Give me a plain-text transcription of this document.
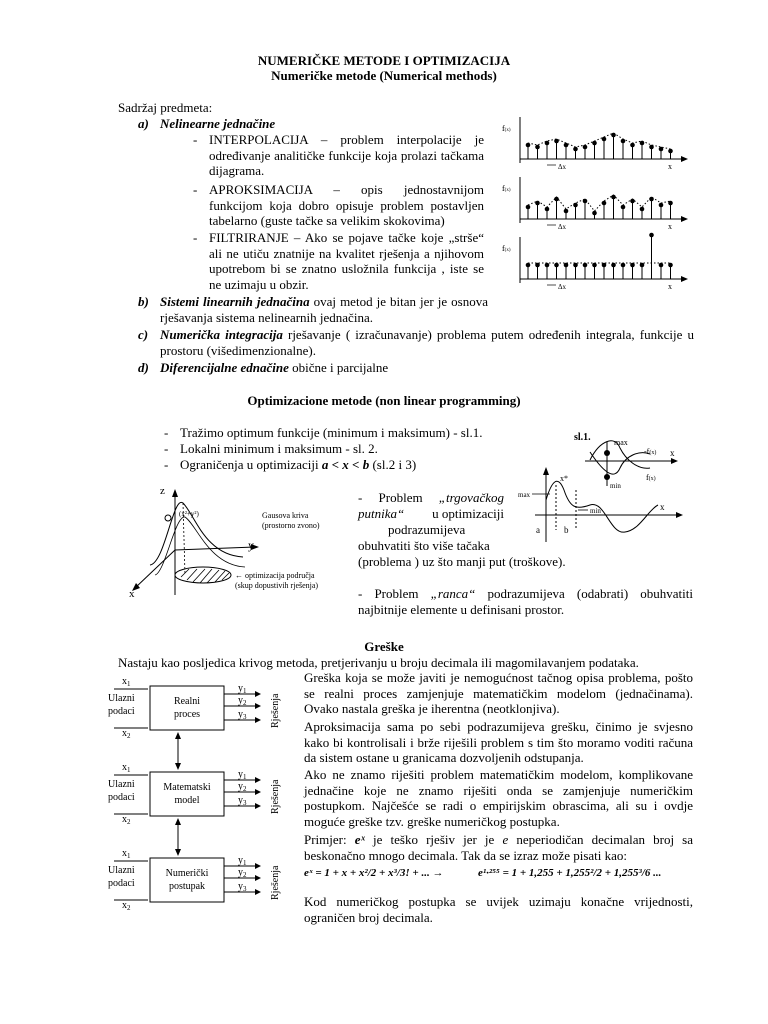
NUMERIČKE METODE I OPTIMIZACIJA
Numeričke metode (Numerical methods)
Sadržaj predmeta:
a) Nelinearne jednačine
- INTERPOLACIJA – problem interpolacije je određivanje analitičke funkcije koja prolazi tačkama dijagrama.
- APROKSIMACIJA – opis jednostavnijom funkcijom koja dobro opisuje problem postavljen tabelarno (guste tačke sa velikim skokovima)
- FILTRIRANJE – Ako se pojave tačke koje „strše“ ali ne utiču znatnije na kvalitet rješenja a njihovom upotrebom bi se znatno usložnila funkcija , iste se ne uzimaju u obzir.
b) Sistemi linearnih jednačina ovaj metod je bitan jer je osnova rješavanja sistema nelinearnih jednačina.
c) Numerička integracija rješavanje ( izračunavanje) problema putem određenih integrala, funkcije u prostoru (višedimenzionalne).
d) Diferencijalne ednačine obične i parcijalne
f(x)
x
Δx
f(x)
x
Δx
f(x)
x
Δx
Optimizacione metode (non linear programming)
- Tražimo optimum funkcije (minimum i maksimum) - sl.1.
- Lokalni minimum i maksimum - sl. 2.
- Ograničenja u optimizaciji a < x < b (sl.2 i 3)
z
y
x
(x²+y²)	Gausova kriva
(prostorno zvono)
← optimizacija područja
(skup dopustivih rješenja)
- Problem „trgovačkog putnika“	u optimizaciji
podrazumijeva
obuhvatiti što više tačaka
(problema ) uz što manji put (troškove).
- Problem „ranca“ podrazumijeva (odabrati) obuhvatiti najbitnije elemente u definisani prostor.
sl.1.	max
x
-f(x)
f(x)
min
x
max
x*
min
a	b
Greške
Nastaju kao posljedica krivog metoda, pretjerivanju u broju decimala ili magomilavanjem podataka.
Greška koja se može javiti je nemogućnost tačnog opisa problema, pošto se realni proces zamjenjuje matematičkim modelom (jednačinama). Ovako nastala greška je iherentna (neotklonjiva).
Aproksimacija sama po sebi podrazumijeva grešku, činimo je svjesno kako bi kontrolisali i brže riješili problem s tim što moramo voditi računa da sistem ostane u granicama dozvoljenih odstupanja.
Ako ne znamo riješiti problem matematičkim modelom, komplikovane jednačine koje ne znamo riješiti onda se zamjenjuje numeričkim postupkom. Najčešće se radi o empirijskim obrascima, ali su i ovdje moguće greške tzv. greške numeričkog postupka.
Primjer: eˣ je teško rješiv jer je e neperiodičan decimalan broj sa beskonačno mnogo decimala. Tak da se izraz može pisati kao:
eˣ = 1 + x + x²/2 + x³/3! + ... →	e¹·²⁵⁵ = 1 + 1,255 + 1,255²/2 + 1,255³/6 ...
Kod numeričkog postupka se uvijek uzimaju konačne vrijednosti, ograničen broj decimala.
Realni
proces
$x_1$
$x_2$
Ulazni
podaci
$y_1$
$y_2$
$y_3$ Rješenja
Matematski
model
$x_1$
$x_2$
Ulazni
podaci
$y_1$
$y_2$
$y_3$ Rješenja
Numerički
postupak
$x_1$
$x_2$
Ulazni
podaci
$y_1$
$y_2$
$y_3$ Rješenja
